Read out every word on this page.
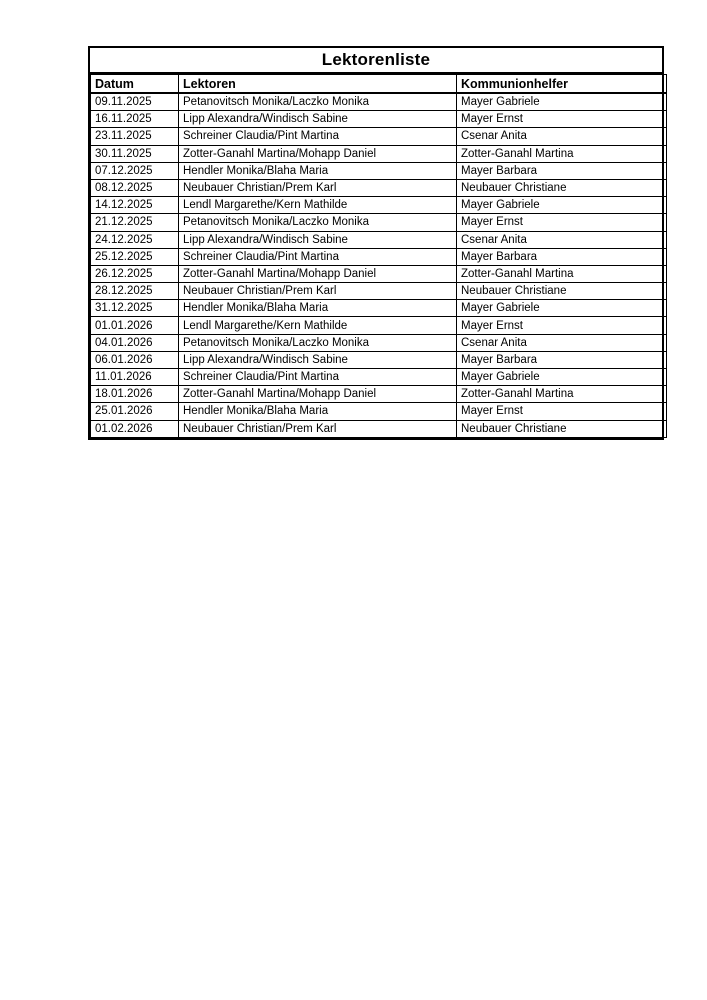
Lektorenliste
Datum	Lektoren	Kommunionhelfer
09.11.2025	Petanovitsch Monika/Laczko Monika	Mayer Gabriele
16.11.2025	Lipp Alexandra/Windisch Sabine	Mayer Ernst
23.11.2025	Schreiner Claudia/Pint Martina	Csenar Anita
30.11.2025	Zotter-Ganahl Martina/Mohapp Daniel	Zotter-Ganahl Martina
07.12.2025	Hendler Monika/Blaha Maria	Mayer Barbara
08.12.2025	Neubauer Christian/Prem Karl	Neubauer Christiane
14.12.2025	Lendl Margarethe/Kern Mathilde	Mayer Gabriele
21.12.2025	Petanovitsch Monika/Laczko Monika	Mayer Ernst
24.12.2025	Lipp Alexandra/Windisch Sabine	Csenar Anita
25.12.2025	Schreiner Claudia/Pint Martina	Mayer Barbara
26.12.2025	Zotter-Ganahl Martina/Mohapp Daniel	Zotter-Ganahl Martina
28.12.2025	Neubauer Christian/Prem Karl	Neubauer Christiane
31.12.2025	Hendler Monika/Blaha Maria	Mayer Gabriele
01.01.2026	Lendl Margarethe/Kern Mathilde	Mayer Ernst
04.01.2026	Petanovitsch Monika/Laczko Monika	Csenar Anita
06.01.2026	Lipp Alexandra/Windisch Sabine	Mayer Barbara
11.01.2026	Schreiner Claudia/Pint Martina	Mayer Gabriele
18.01.2026	Zotter-Ganahl Martina/Mohapp Daniel	Zotter-Ganahl Martina
25.01.2026	Hendler Monika/Blaha Maria	Mayer Ernst
01.02.2026	Neubauer Christian/Prem Karl	Neubauer Christiane
